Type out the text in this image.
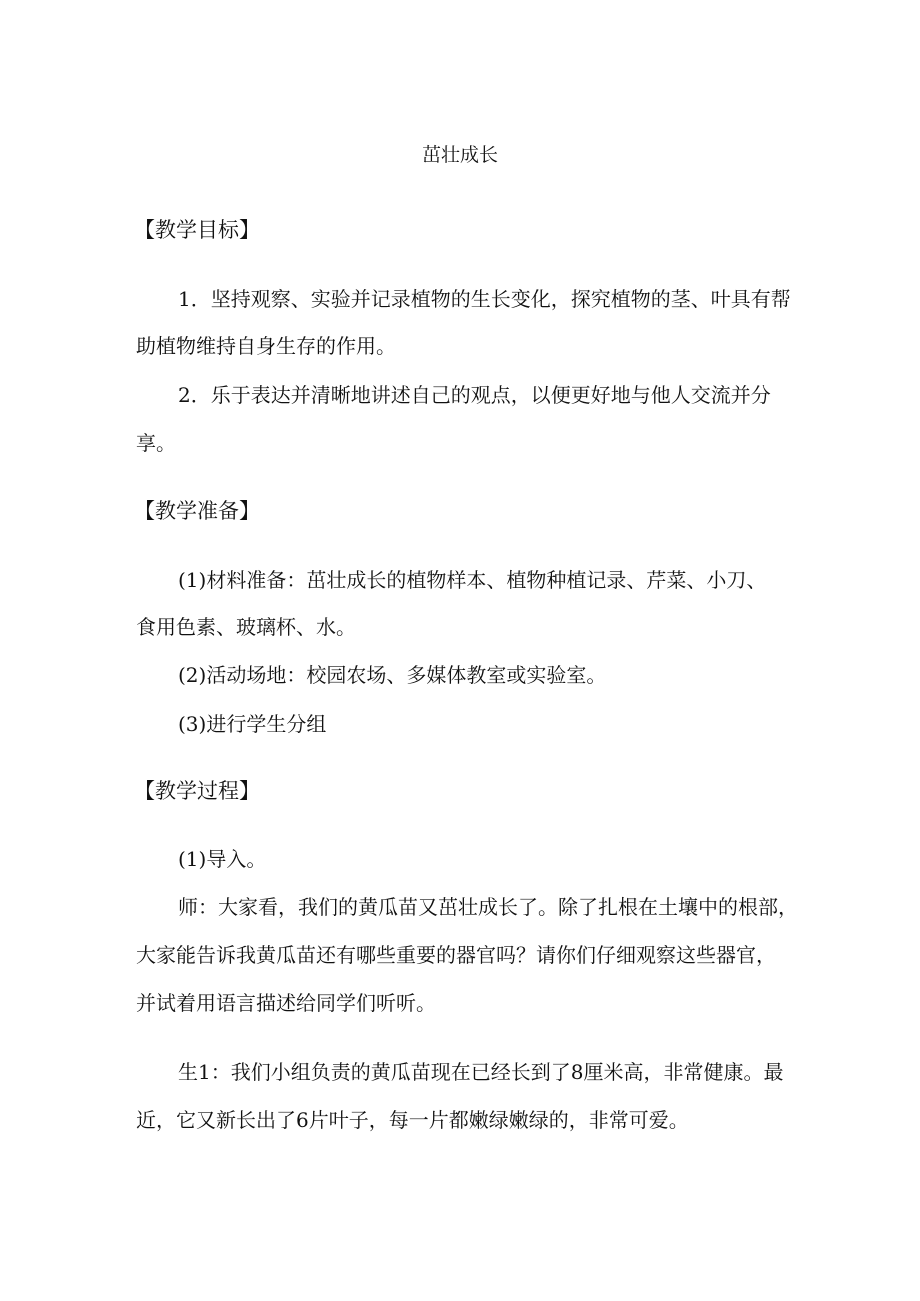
茁壮成长
【教学目标】
1．坚持观察、实验并记录植物的生长变化，探究植物的茎、叶具有帮
助植物维持自身生存的作用。
2．乐于表达并清晰地讲述自己的观点，以便更好地与他人交流并分
享。
【教学准备】
(1)材料准备：茁壮成长的植物样本、植物种植记录、芹菜、小刀、
食用色素、玻璃杯、水。
(2)活动场地：校园农场、多媒体教室或实验室。
(3)进行学生分组
【教学过程】
(1)导入。
师：大家看，我们的黄瓜苗又茁壮成长了。除了扎根在土壤中的根部，
大家能告诉我黄瓜苗还有哪些重要的器官吗？请你们仔细观察这些器官，
并试着用语言描述给同学们听听。
生1：我们小组负责的黄瓜苗现在已经长到了8厘米高，非常健康。最
近，它又新长出了6片叶子，每一片都嫩绿嫩绿的，非常可爱。
